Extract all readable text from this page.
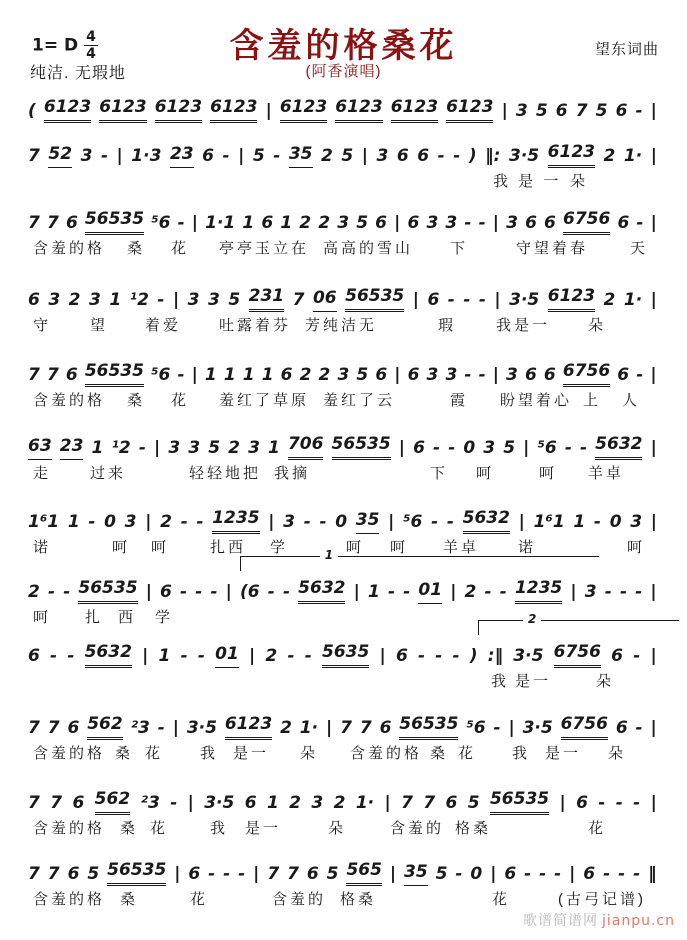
1= D $\frac{4}{4}$
纯洁. 无瑕地
含羞的格桑花
(阿香演唱)
望东词曲
( 6123 6123 6123 6123 | 6123 6123 6123 6123 | 3 5 6 7 5 6 - |
7 52 3 - | 1·3 23 6 - | 5 - 35 2 5 | 3 6 6 - - ) ‖: 3·5 6123 2 1· |
我 是 一 朵
7 7 6 56535 ⁵6 - | 1·1 1 6 1 2 2 3 5 6 | 6 3 3 - - | 3 6 6 6756 6 - |
含羞的格 桑 花 亭亭玉立在 高高的雪山 下	守望着春	天
6 3 2 3 1 ¹2 - | 3 3 5 231 7 06 56535 | 6 - - - | 3·5 6123 2 1· |
守	望 着爱	吐露着芬 芳纯洁无	瑕	我是一	朵
7 7 6 56535 ⁵6 - | 1 1 1 1 6 2 2 3 5 6 | 6 3 3 - - | 3 6 6 6756 6 - |
含羞的格 桑 花 羞红了草原 羞红了云	霞 盼望着心 上 人
63 23 1 ¹2 - | 3 3 5 2 3 1 706 56535 | 6 - - 0 3 5 | ⁵6 - - 5632 |
走	过来	轻轻地把 我摘	下 呵	呵 羊卓
1⁶1 1 - 0 3 | 2 - - 1235 | 3 - - 0 35 | ⁵6 - - 5632 | 1⁶1 1 - 0 3 |
诺	呵 呵	扎西 学	呵 呵 羊卓	诺	呵
1
2 - - 56535 | 6 - - - | (6 - - 5632 | 1 - - 01 | 2 - - 1235 | 3 - - - |
呵 扎 西 学	2
6 - - 5632 | 1 - - 01 | 2 - - 5635 | 6 - - - ) :‖ 3·5 6756 6 - |
我 是一	朵
7 7 6 562 ²3 - | 3·5 6123 2 1· | 7 7 6 56535 ⁵6 - | 3·5 6756 6 - |
含羞的格 桑 花 我 是一 朵 含羞的格 桑 花 我 是一 朵
7 7 6 562 ²3 - | 3·5 6 1 2 3 2 1· | 7 7 6 5 56535 | 6 - - - |
含羞的格 桑 花	我 是一	朵	含羞的 格桑	花
7 7 6 5 56535 | 6 - - - | 7 7 6 5 565 | 35 5 - 0 | 6 - - - | 6 - - - ‖
含羞的格 桑	花	含羞的 格桑	花	(古弓记谱)
歌谱简谱网 jianpu.cn
